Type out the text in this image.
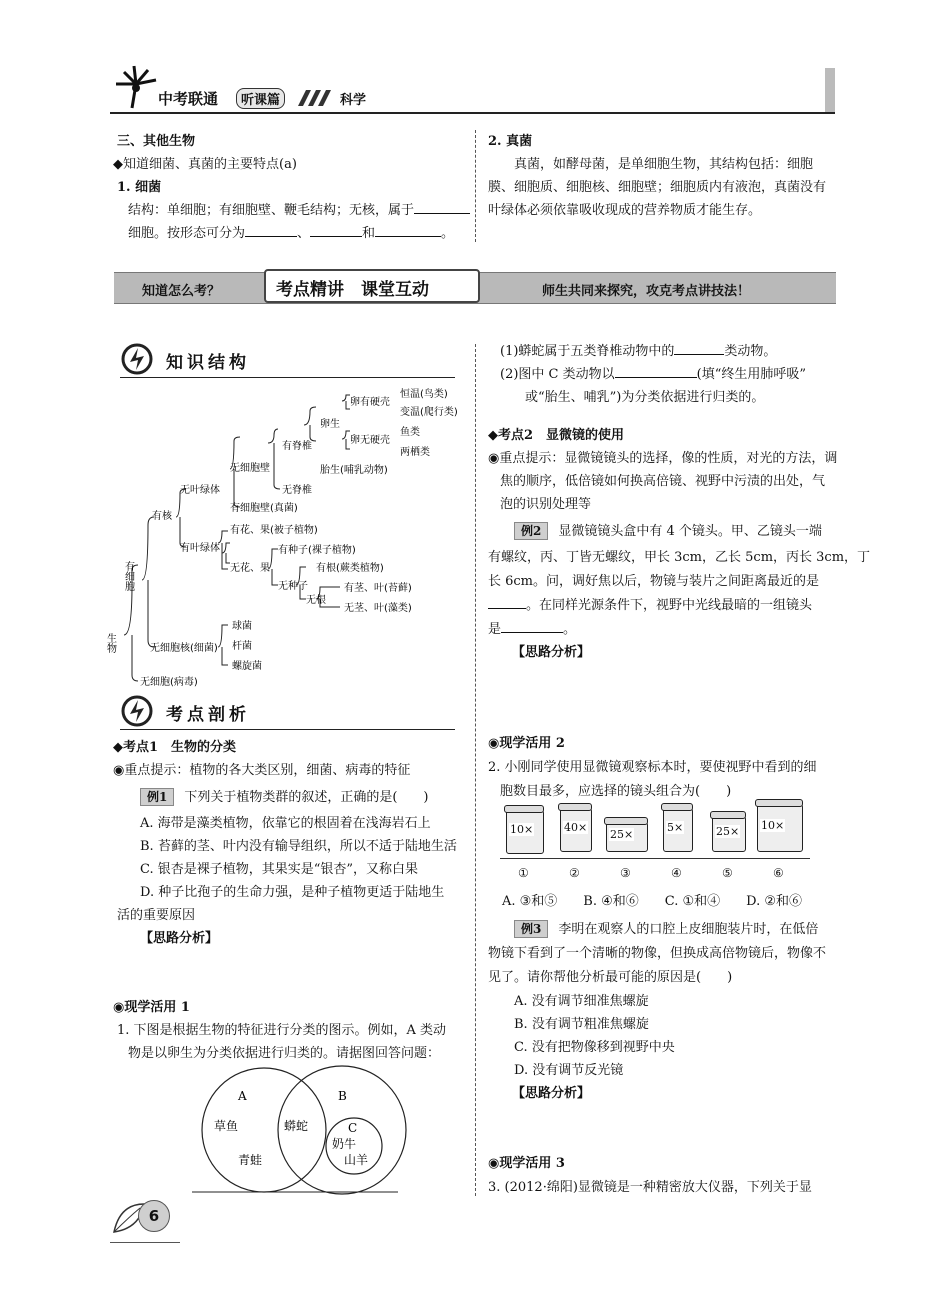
中考联通	听课篇	科学
三、其他生物
◆知道细菌、真菌的主要特点(a)
1. 细菌
结构：单细胞；有细胞壁、鞭毛结构；无核，属于
细胞。按形态可分为	、	和	。
2. 真菌
真菌，如酵母菌，是单细胞生物，其结构包括：细胞
膜、细胞质、细胞核、细胞壁；细胞质内有液泡，真菌没有
叶绿体必须依靠吸收现成的营养物质才能生存。
知道怎么考？	考点精讲　课堂互动	师生共同来探究，攻克考点讲技法！
知识结构
生物
有细胞
有核
无叶绿体
无细胞壁
有脊椎
卵生
卵有硬壳
恒温(鸟类)
变温(爬行类)
卵无硬壳
鱼类
两栖类
胎生(哺乳动物)
无脊椎
有细胞壁(真菌)
有叶绿体
有花、果(被子植物)
无花、果
有种子(裸子植物)
无种子
有根(蕨类植物)
无根
有茎、叶(苔藓)
无茎、叶(藻类)
无细胞核(细菌)
球菌
杆菌
螺旋菌
无细胞(病毒)
考点剖析
◆考点1　生物的分类
◉重点提示：植物的各大类区别，细菌、病毒的特征
例1 下列关于植物类群的叙述，正确的是(　　)
A. 海带是藻类植物，依靠它的根固着在浅海岩石上
B. 苔藓的茎、叶内没有输导组织，所以不适于陆地生活
C. 银杏是裸子植物，其果实是“银杏”，又称白果
D. 种子比孢子的生命力强，是种子植物更适于陆地生
活的重要原因
【思路分析】
◉现学活用 1
1. 下图是根据生物的特征进行分类的图示。例如，A 类动
物是以卵生为分类依据进行归类的。请据图回答问题：
A	B
C
草鱼
青蛙
蟒蛇
奶牛
山羊
(1)蟒蛇属于五类脊椎动物中的	类动物。
(2)图中 C 类动物以	(填“终生用肺呼吸”
或“胎生、哺乳”)为分类依据进行归类的。
◆考点2　显微镜的使用
◉重点提示：显微镜镜头的选择，像的性质，对光的方法，调
焦的顺序，低倍镜如何换高倍镜、视野中污渍的出处，气
泡的识别处理等
例2 显微镜镜头盒中有 4 个镜头。甲、乙镜头一端
有螺纹，丙、丁皆无螺纹，甲长 3cm，乙长 5cm，丙长 3cm，丁
长 6cm。问，调好焦以后，物镜与装片之间距离最近的是
。在同样光源条件下，视野中光线最暗的一组镜头
是	。
【思路分析】
◉现学活用 2
2. 小刚同学使用显微镜观察标本时，要使视野中看到的细
胞数目最多，应选择的镜头组合为(　　)
10×
①
40×
②
25×
③
5×
④
25×
⑤
10×
⑥
A. ③和⑤　　B. ④和⑥　　C. ①和④　　D. ②和⑥
例3 李明在观察人的口腔上皮细胞装片时，在低倍
物镜下看到了一个清晰的物像，但换成高倍物镜后，物像不
见了。请你帮他分析最可能的原因是(　　)
A. 没有调节细准焦螺旋
B. 没有调节粗准焦螺旋
C. 没有把物像移到视野中央
D. 没有调节反光镜
【思路分析】
◉现学活用 3
3. (2012·绵阳)显微镜是一种精密放大仪器，下列关于显
6
